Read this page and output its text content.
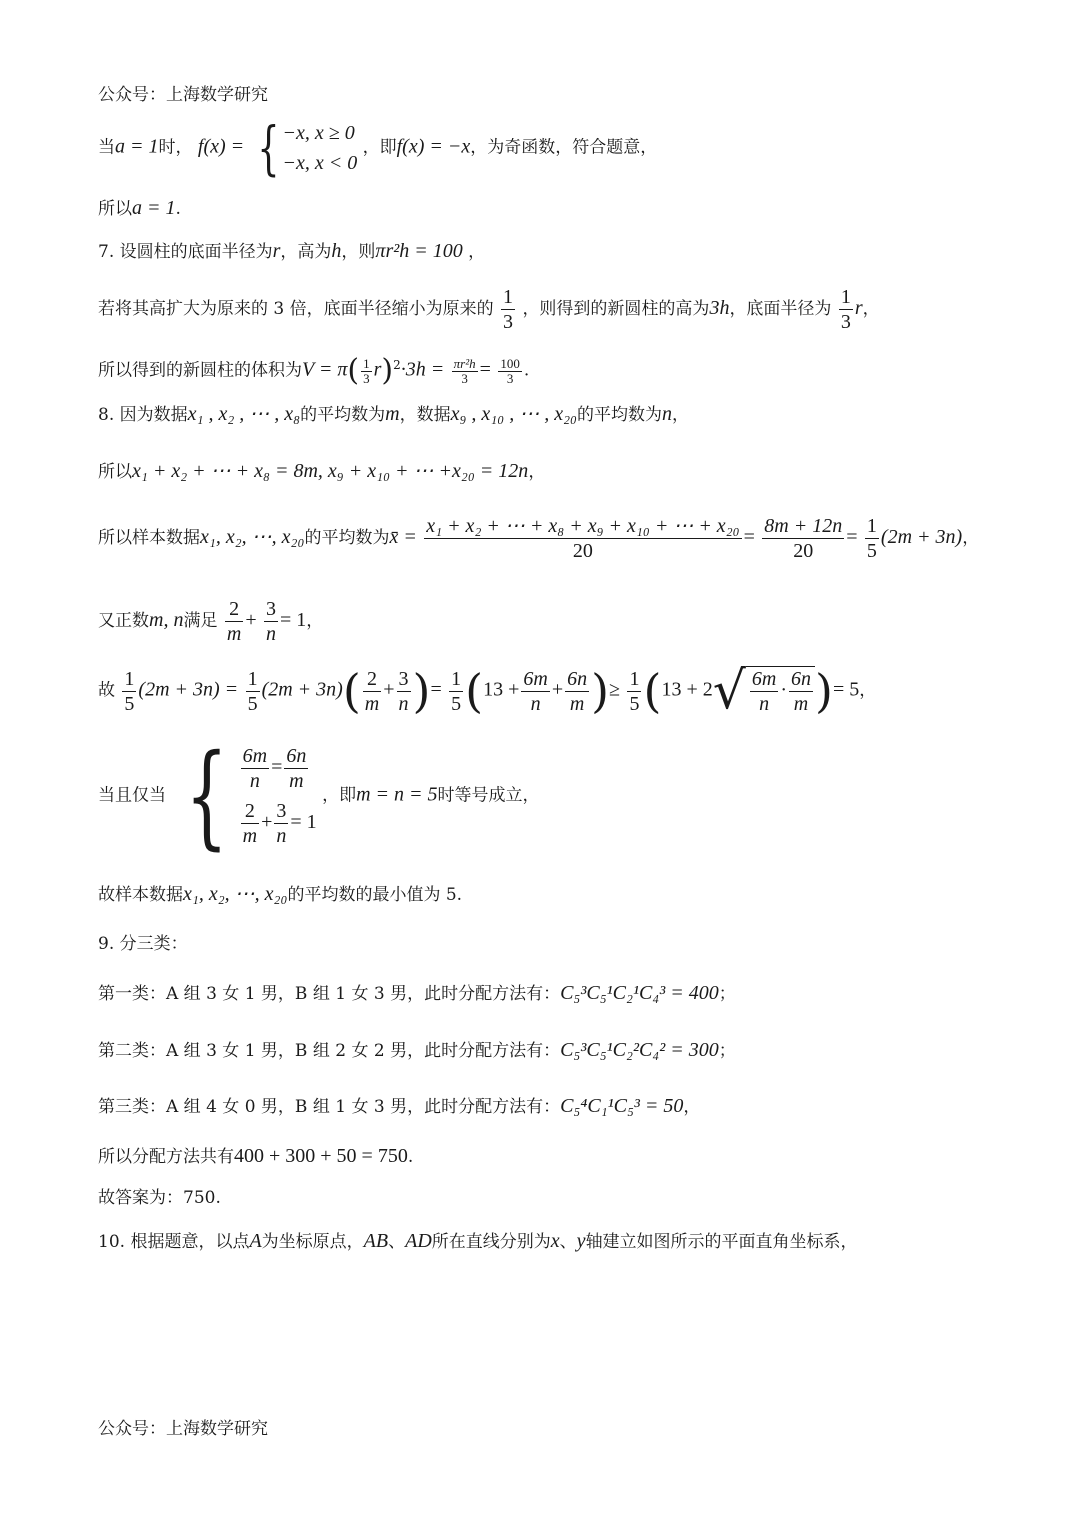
公众号：上海数学研究
当a = 1时， f(x) = { −x, x ≥ 0
−x, x < 0
，即f(x) = −x，为奇函数，符合题意，
所以a = 1.
7. 设圆柱的底面半径为r，高为h，则πr²h = 100 ，
若将其高扩大为原来的 3 倍，底面半径缩小为原来的 $\frac{1}{3}$ ，则得到的新圆柱的高为3h，底面半径为 $\frac{1}{3}$ r，
所以得到的新圆柱的体积为$V = \pi( \frac{1}{3} r)^2\cdot 3h = \frac{\text{πr²h}}{3} = \frac{100}{3}$ .
8. 因为数据x₁ , x₂ , ⋯ , x₈的平均数为m，数据x₉ , x₁₀ , ⋯ , x₂₀的平均数为n，
所以x₁ + x₂ + ⋯ + x₈ = 8m, x₉ + x₁₀ + ⋯ +x₂₀ = 12n，
所以样本数据x₁, x₂, ⋯, x₂₀的平均数为x̄ = $\frac{\text{x₁ + x₂ + ⋯ + x₈ + x₉ + x₁₀ + ⋯ + x₂₀}}{20} = \frac{8m + 12n}{20} = \frac{1}{5} (2m + 3n)$，
又正数m, n满足 $\frac{2}{m} + \frac{3}{n} = 1$，
故 $\frac{1}{5} (2m + 3n) = \frac{1}{5} (2m + 3n)( \frac{2}{m} + \frac{3}{n}$ )= $\frac{1}{5} (13 + \frac{6m}{n} + \frac{6n}{m}$ )≥ $\frac{1}{5} (13 + 2√ \frac{6m}{n} \cdot \frac{6n}{m}$ )= 5，
当且仅当 { $\frac{6m}{n} = \frac{6n}{m}$
$\frac{2}{m} + \frac{3}{n} = 1$
，即m = n = 5时等号成立，
故样本数据x₁, x₂, ⋯, x₂₀的平均数的最小值为 5.
9. 分三类：
第一类：A 组 3 女 1 男，B 组 1 女 3 男，此时分配方法有：C₅³C₅¹C₂¹C₄³ = 400；
第二类：A 组 3 女 1 男，B 组 2 女 2 男，此时分配方法有：C₅³C₅¹C₂²C₄² = 300；
第三类：A 组 4 女 0 男，B 组 1 女 3 男，此时分配方法有：C₅⁴C₁¹C₅³ = 50，
所以分配方法共有400 + 300 + 50 = 750.
故答案为：750.
10. 根据题意，以点A为坐标原点，AB、AD所在直线分别为x、y轴建立如图所示的平面直角坐标系，
公众号：上海数学研究
